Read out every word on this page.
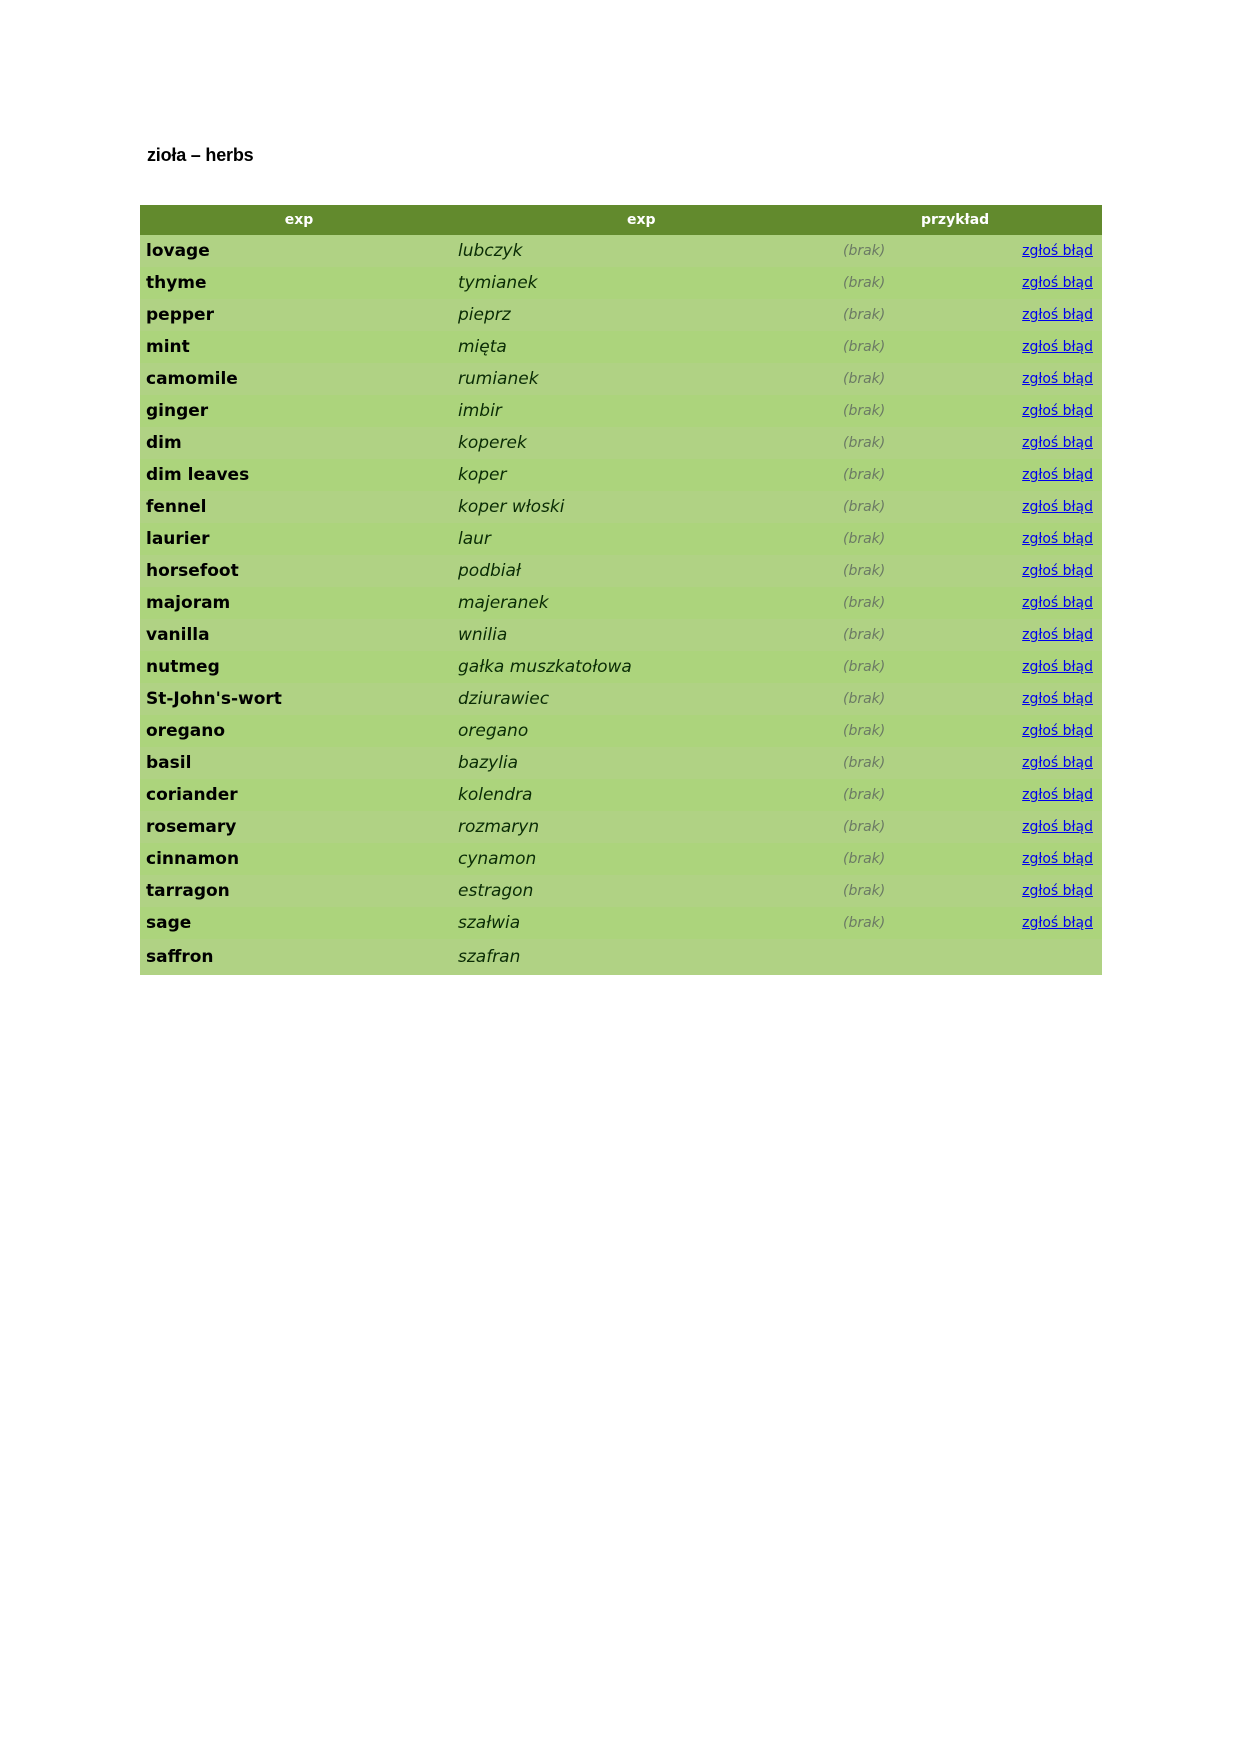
zioła – herbs
exp	exp	przykład	
lovage	lubczyk	(brak)	zgłoś błąd
thyme	tymianek	(brak)	zgłoś błąd
pepper	pieprz	(brak)	zgłoś błąd
mint	mięta	(brak)	zgłoś błąd
camomile	rumianek	(brak)	zgłoś błąd
ginger	imbir	(brak)	zgłoś błąd
dim	koperek	(brak)	zgłoś błąd
dim leaves	koper	(brak)	zgłoś błąd
fennel	koper włoski	(brak)	zgłoś błąd
laurier	laur	(brak)	zgłoś błąd
horsefoot	podbiał	(brak)	zgłoś błąd
majoram	majeranek	(brak)	zgłoś błąd
vanilla	wnilia	(brak)	zgłoś błąd
nutmeg	gałka muszkatołowa	(brak)	zgłoś błąd
St-John's-wort	dziurawiec	(brak)	zgłoś błąd
oregano	oregano	(brak)	zgłoś błąd
basil	bazylia	(brak)	zgłoś błąd
coriander	kolendra	(brak)	zgłoś błąd
rosemary	rozmaryn	(brak)	zgłoś błąd
cinnamon	cynamon	(brak)	zgłoś błąd
tarragon	estragon	(brak)	zgłoś błąd
sage	szałwia	(brak)	zgłoś błąd
saffron	szafran		
